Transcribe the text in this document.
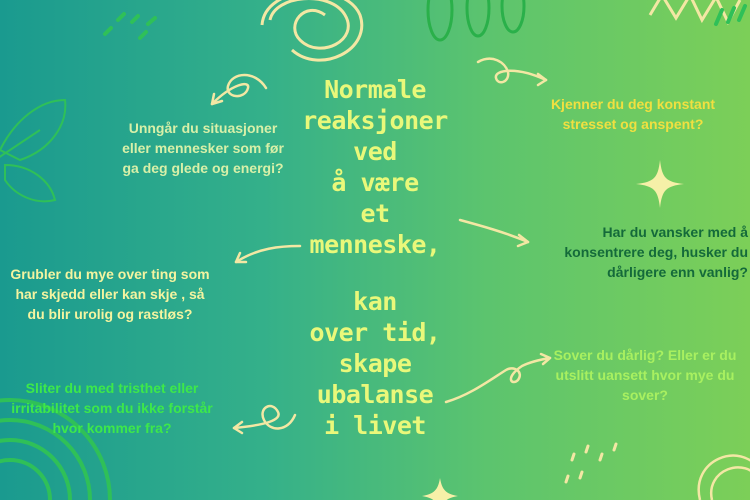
Normale
reaksjoner
ved
å være
et
menneske,
kan
over tid,
skape
ubalanse
i livet
Unngår du situasjoner eller mennesker som før ga deg glede og energi?
Grubler du mye over ting som har skjedd eller kan skje , så du blir urolig og rastløs?
Sliter du med tristhet eller irritabilitet som du ikke forstår hvor kommer fra?
Kjenner du deg konstant stresset og anspent?
Har du vansker med å konsentrere deg, husker du dårligere enn vanlig?
Sover du dårlig? Eller er du utslitt uansett hvor mye du sover?
